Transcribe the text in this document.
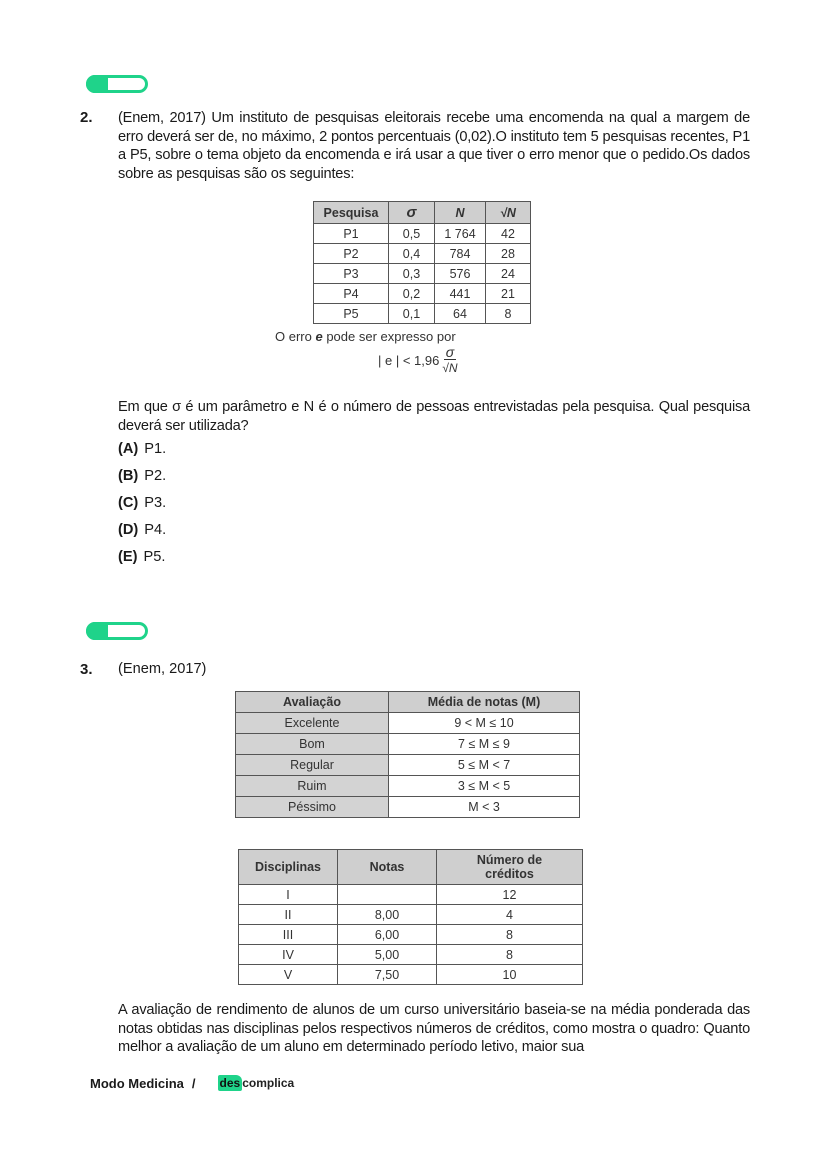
2. (Enem, 2017) Um instituto de pesquisas eleitorais recebe uma encomenda na qual a margem de erro deverá ser de, no máximo, 2 pontos percentuais (0,02).O instituto tem 5 pesquisas recentes, P1 a P5, sobre o tema objeto da encomenda e irá usar a que tiver o erro menor que o pedido.Os dados sobre as pesquisas são os seguintes:
Pesquisa	σ	N	√N
P1	0,5	1 764	42
P2	0,4	784	28
P3	0,3	576	24
P4	0,2	441	21
P5	0,1	64	8
O erro e pode ser expresso por
| e | < $1,96 \frac{\sigma}{√N}$
Em que σ é um parâmetro e N é o número de pessoas entrevistadas pela pesquisa. Qual pesquisa deverá ser utilizada?
(A) P1.
(B) P2.
(C) P3.
(D) P4.
(E) P5.
3. (Enem, 2017)
Avaliação	Média de notas (M)
Excelente	9 < M ≤ 10
Bom	7 ≤ M ≤ 9
Regular	5 ≤ M < 7
Ruim	3 ≤ M < 5
Péssimo	M < 3
Disciplinas	Notas	Número de créditos
I		12
II	8,00	4
III	6,00	8
IV	5,00	8
V	7,50	10
A avaliação de rendimento de alunos de um curso universitário baseia-se na média ponderada das notas obtidas nas disciplinas pelos respectivos números de créditos, como mostra o quadro: Quanto melhor a avaliação de um aluno em determinado período letivo, maior sua
Modo Medicina / des complica
